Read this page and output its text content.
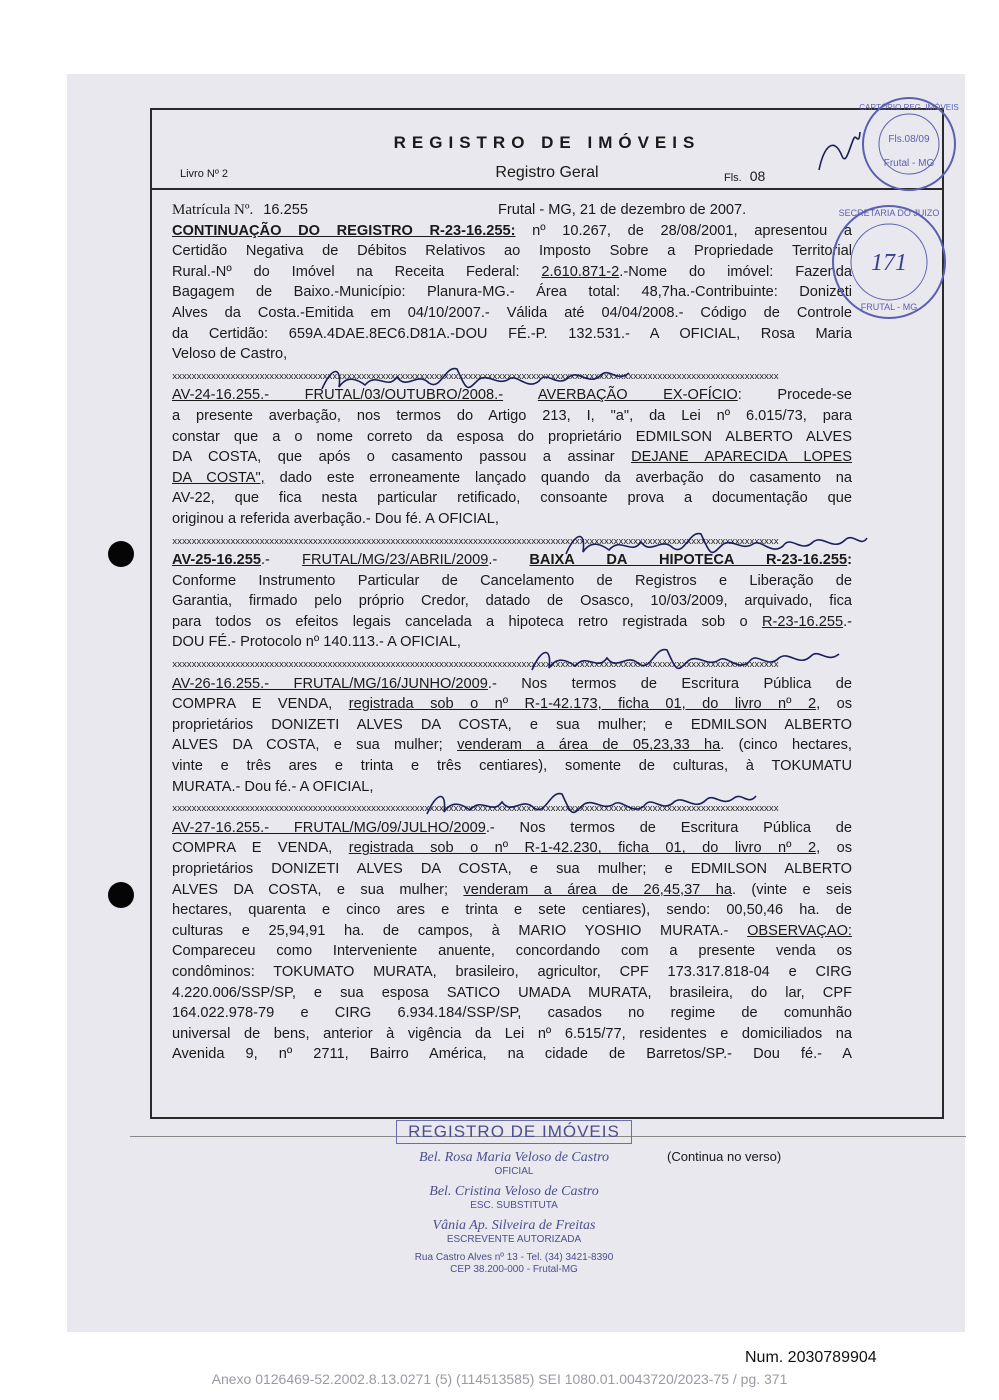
REGISTRO DE IMÓVEIS
Livro Nº 2	Registro Geral	Fls. 08
Matrícula Nº. 16.255	Frutal - MG, 21 de dezembro de 2007.
CONTINUAÇÃO DO REGISTRO R-23-16.255: nº 10.267, de 28/08/2001, apresentou a
Certidão Negativa de Débitos Relativos ao Imposto Sobre a Propriedade Territorial
Rural.-Nº do Imóvel na Receita Federal: 2.610.871-2.-Nome do imóvel: Fazenda
Bagagem de Baixo.-Município: Planura-MG.- Área total: 48,7ha.-Contribuinte: Donizeti
Alves da Costa.-Emitida em 04/10/2007.- Válida até 04/04/2008.- Código de Controle
da Certidão: 659A.4DAE.8EC6.D81A.-DOU FÉ.-P. 132.531.- A OFICIAL, Rosa Maria
Veloso de Castro,
xxxxxxxxxxxxxxxxxxxxxxxxxxxxxxxxxxxxxxxxxxxxxxxxxxxxxxxxxxxxxxxxxxxxxxxxxxxxxxxxxxxxxxxxxxxxxxxxxxxxxxxxxxxxxxxxxxxxxxxxxxxxx
AV-24-16.255.- FRUTAL/03/OUTUBRO/2008.- AVERBAÇÃO EX-OFÍCIO: Procede-se
a presente averbação, nos termos do Artigo 213, I, "a", da Lei nº 6.015/73, para
constar que a o nome correto da esposa do proprietário EDMILSON ALBERTO ALVES
DA COSTA, que após o casamento passou a assinar DEJANE APARECIDA LOPES
DA COSTA", dado este erroneamente lançado quando da averbação do casamento na
AV-22, que fica nesta particular retificado, consoante prova a documentação que
originou a referida averbação.- Dou fé. A OFICIAL,
xxxxxxxxxxxxxxxxxxxxxxxxxxxxxxxxxxxxxxxxxxxxxxxxxxxxxxxxxxxxxxxxxxxxxxxxxxxxxxxxxxxxxxxxxxxxxxxxxxxxxxxxxxxxxxxxxxxxxxxxxxxxx
AV-25-16.255.- FRUTAL/MG/23/ABRIL/2009.- BAIXA DA HIPOTECA R-23-16.255:
Conforme Instrumento Particular de Cancelamento de Registros e Liberação de
Garantia, firmado pelo próprio Credor, datado de Osasco, 10/03/2009, arquivado, fica
para todos os efeitos legais cancelada a hipoteca retro registrada sob o R-23-16.255.-
DOU FÉ.- Protocolo nº 140.113.- A OFICIAL,
xxxxxxxxxxxxxxxxxxxxxxxxxxxxxxxxxxxxxxxxxxxxxxxxxxxxxxxxxxxxxxxxxxxxxxxxxxxxxxxxxxxxxxxxxxxxxxxxxxxxxxxxxxxxxxxxxxxxxxxxxxxxx
AV-26-16.255.- FRUTAL/MG/16/JUNHO/2009.- Nos termos de Escritura Pública de
COMPRA E VENDA, registrada sob o nº R-1-42.173, ficha 01, do livro nº 2, os
proprietários DONIZETI ALVES DA COSTA, e sua mulher; e EDMILSON ALBERTO
ALVES DA COSTA, e sua mulher; venderam a área de 05,23,33 ha. (cinco hectares,
vinte e três ares e trinta e três centiares), somente de culturas, à TOKUMATU
MURATA.- Dou fé.- A OFICIAL,
xxxxxxxxxxxxxxxxxxxxxxxxxxxxxxxxxxxxxxxxxxxxxxxxxxxxxxxxxxxxxxxxxxxxxxxxxxxxxxxxxxxxxxxxxxxxxxxxxxxxxxxxxxxxxxxxxxxxxxxxxxxxx
AV-27-16.255.- FRUTAL/MG/09/JULHO/2009.- Nos termos de Escritura Pública de
COMPRA E VENDA, registrada sob o nº R-1-42.230, ficha 01, do livro nº 2, os
proprietários DONIZETI ALVES DA COSTA, e sua mulher; e EDMILSON ALBERTO
ALVES DA COSTA, e sua mulher; venderam a área de 26,45,37 ha. (vinte e seis
hectares, quarenta e cinco ares e trinta e sete centiares), sendo: 00,50,46 ha. de
culturas e 25,94,91 ha. de campos, à MARIO YOSHIO MURATA.- OBSERVAÇAO:
Compareceu como Interveniente anuente, concordando com a presente venda os
condôminos: TOKUMATO MURATA, brasileiro, agricultor, CPF 173.317.818-04 e CIRG
4.220.006/SSP/SP, e sua esposa SATICO UMADA MURATA, brasileira, do lar, CPF
164.022.978-79 e CIRG 6.934.184/SSP/SP, casados no regime de comunhão
universal de bens, anterior à vigência da Lei nº 6.515/77, residentes e domiciliados na
Avenida 9, nº 2711, Bairro América, na cidade de Barretos/SP.- Dou fé.- A
(Continua no verso)
CARTÓRIO REG. IMÓVEIS
Fls.08/09
Frutal - MG
SECRETARIA DO JUIZO
171
FRUTAL - MG
REGISTRO DE IMÓVEIS
Bel. Rosa Maria Veloso de Castro
OFICIAL
Bel. Cristina Veloso de Castro
ESC. SUBSTITUTA
Vânia Ap. Silveira de Freitas
ESCREVENTE AUTORIZADA
Rua Castro Alves nº 13 - Tel. (34) 3421-8390
CEP 38.200-000 - Frutal-MG
Num. 2030789904
Anexo 0126469-52.2002.8.13.0271 (5) (114513585) SEI 1080.01.0043720/2023-75 / pg. 371
